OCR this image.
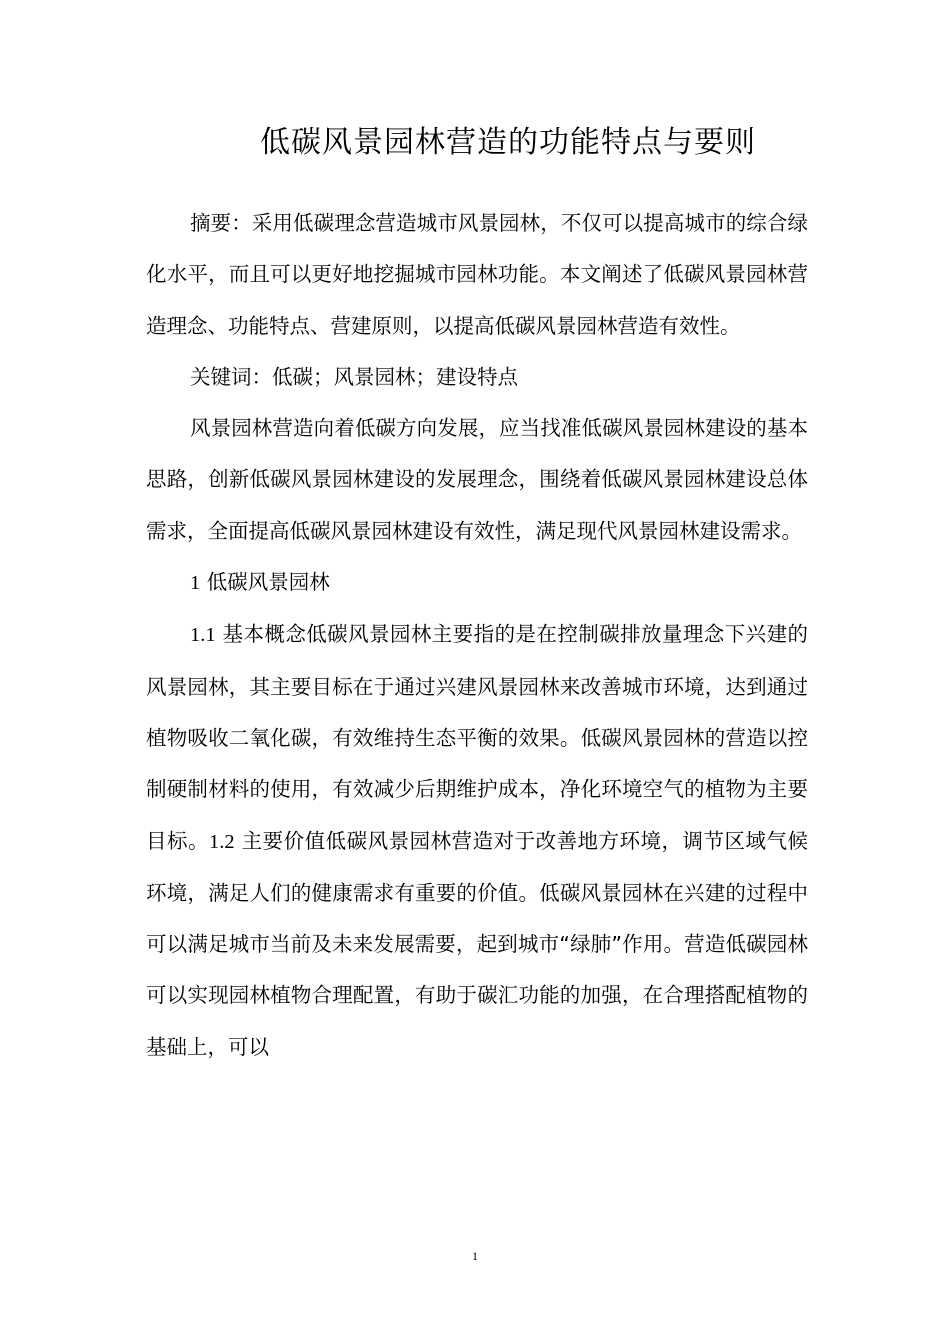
低碳风景园林营造的功能特点与要则

摘要：采用低碳理念营造城市风景园林，不仅可以提高城市的综合绿化水平，而且可以更好地挖掘城市园林功能。本文阐述了低碳风景园林营造理念、功能特点、营建原则，以提高低碳风景园林营造有效性。

关键词：低碳；风景园林；建设特点

风景园林营造向着低碳方向发展，应当找准低碳风景园林建设的基本思路，创新低碳风景园林建设的发展理念，围绕着低碳风景园林建设总体需求，全面提高低碳风景园林建设有效性，满足现代风景园林建设需求。

1 低碳风景园林

1.1 基本概念低碳风景园林主要指的是在控制碳排放量理念下兴建的风景园林，其主要目标在于通过兴建风景园林来改善城市环境，达到通过植物吸收二氧化碳，有效维持生态平衡的效果。低碳风景园林的营造以控制硬制材料的使用，有效减少后期维护成本，净化环境空气的植物为主要目标。1.2 主要价值低碳风景园林营造对于改善地方环境，调节区域气候环境，满足人们的健康需求有重要的价值。低碳风景园林在兴建的过程中可以满足城市当前及未来发展需要，起到城市“绿肺”作用。营造低碳园林可以实现园林植物合理配置，有助于碳汇功能的加强，在合理搭配植物的基础上，可以

1
